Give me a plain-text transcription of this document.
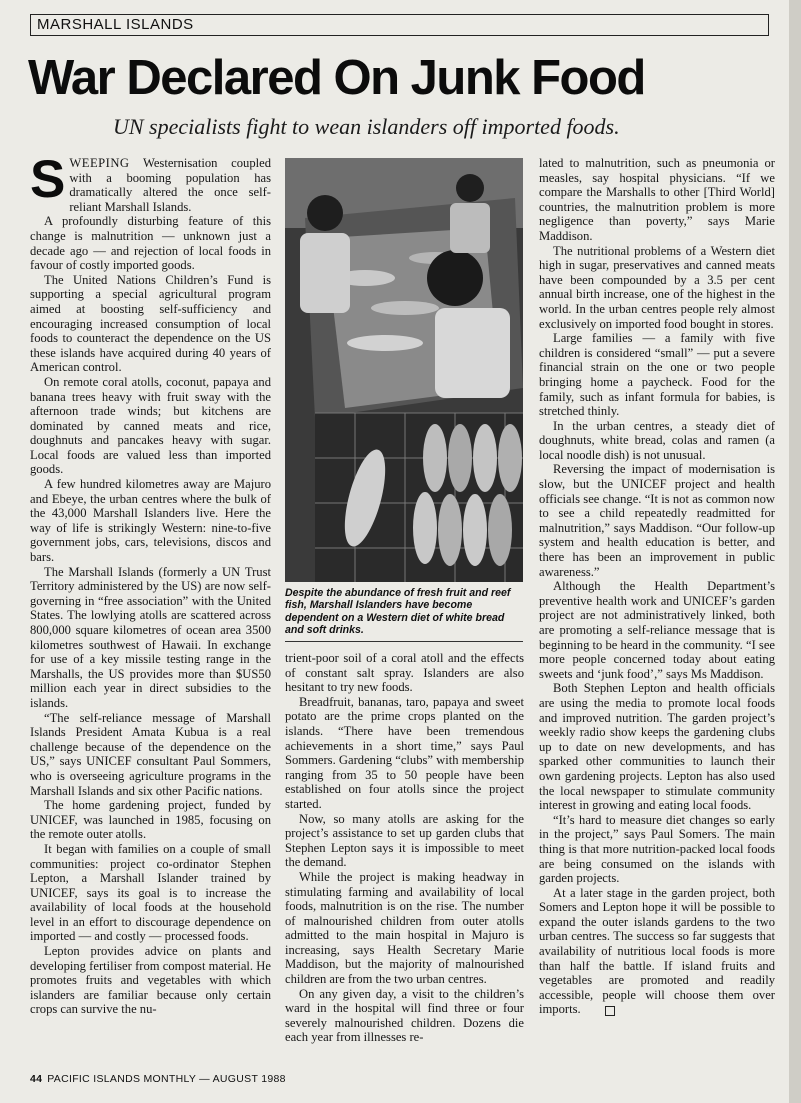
MARSHALL ISLANDS
War Declared On Junk Food
UN specialists fight to wean islanders off imported foods.

SWEEPING Westernisation coupled with a booming population has dramatically altered the once self-reliant Marshall Islands.

A profoundly disturbing feature of this change is malnutrition — unknown just a decade ago — and rejection of local foods in favour of costly imported goods.

The United Nations Children’s Fund is supporting a special agricultural program aimed at boosting self-sufficiency and encouraging increased consumption of local foods to counteract the dependence on the US these islands have acquired during 40 years of American control.

On remote coral atolls, coconut, papaya and banana trees heavy with fruit sway with the afternoon trade winds; but kitchens are dominated by canned meats and rice, doughnuts and pancakes heavy with sugar. Local foods are valued less than imported goods.

A few hundred kilometres away are Majuro and Ebeye, the urban centres where the bulk of the 43,000 Marshall Islanders live. Here the way of life is strikingly Western: nine-to-five government jobs, cars, televisions, discos and bars.

The Marshall Islands (formerly a UN Trust Territory administered by the US) are now self-governing in “free association” with the United States. The lowlying atolls are scattered across 800,000 square kilometres of ocean area 3500 kilometres southwest of Hawaii. In exchange for use of a key missile testing range in the Marshalls, the US provides more than $US50 million each year in direct subsidies to the islands.

“The self-reliance message of Marshall Islands President Amata Kubua is a real challenge because of the dependence on the US,” says UNICEF consultant Paul Sommers, who is overseeing agriculture programs in the Marshall Islands and six other Pacific nations.

The home gardening project, funded by UNICEF, was launched in 1985, focusing on the remote outer atolls.

It began with families on a couple of small communities: project co-ordinator Stephen Lepton, a Marshall Islander trained by UNICEF, says its goal is to increase the availability of local foods at the household level in an effort to discourage dependence on imported — and costly — processed foods.

Lepton provides advice on plants and developing fertiliser from compost material. He promotes fruits and vegetables with which islanders are familiar because only certain crops can survive the nu-

Despite the abundance of fresh fruit and reef fish, Marshall Islanders have become dependent on a Western diet of white bread and soft drinks.

trient-poor soil of a coral atoll and the effects of constant salt spray. Islanders are also hesitant to try new foods.

Breadfruit, bananas, taro, papaya and sweet potato are the prime crops planted on the islands. “There have been tremendous achievements in a short time,” says Paul Sommers. Gardening “clubs” with membership ranging from 35 to 50 people have been established on four atolls since the project started.

Now, so many atolls are asking for the project’s assistance to set up garden clubs that Stephen Lepton says it is impossible to meet the demand.

While the project is making headway in stimulating farming and availability of local foods, malnutrition is on the rise. The number of malnourished children from outer atolls admitted to the main hospital in Majuro is increasing, says Health Secretary Marie Maddison, but the majority of malnourished children are from the two urban centres.

On any given day, a visit to the children’s ward in the hospital will find three or four severely malnourished children. Dozens die each year from illnesses re-

lated to malnutrition, such as pneumonia or measles, say hospital physicians. “If we compare the Marshalls to other [Third World] countries, the malnutrition problem is more negligence than poverty,” says Marie Maddison.

The nutritional problems of a Western diet high in sugar, preservatives and canned meats have been compounded by a 3.5 per cent annual birth increase, one of the highest in the world. In the urban centres people rely almost exclusively on imported food bought in stores.

Large families — a family with five children is considered “small” — put a severe financial strain on the one or two people bringing home a paycheck. Food for the family, such as infant formula for babies, is stretched thinly.

In the urban centres, a steady diet of doughnuts, white bread, colas and ramen (a local noodle dish) is not unusual.

Reversing the impact of modernisation is slow, but the UNICEF project and health officials see change. “It is not as common now to see a child repeatedly readmitted for malnutrition,” says Maddison. “Our follow-up system and health education is better, and there has been an improvement in public awareness.”

Although the Health Department’s preventive health work and UNICEF’s garden project are not administratively linked, both are promoting a self-reliance message that is beginning to be heard in the community. “I see more people concerned today about eating sweets and ‘junk food’,” says Ms Maddison.

Both Stephen Lepton and health officials are using the media to promote local foods and improved nutrition. The garden project’s weekly radio show keeps the gardening clubs up to date on new developments, and has sparked other communities to launch their own gardening projects. Lepton has also used the local newspaper to stimulate community interest in growing and eating local foods.

“It’s hard to measure diet changes so early in the project,” says Paul Somers. The main thing is that more nutrition-packed local foods are being consumed on the islands with garden projects.

At a later stage in the garden project, both Somers and Lepton hope it will be possible to expand the outer islands gardens to the two urban centres. The success so far suggests that availability of nutritious local foods is more than half the battle. If island fruits and vegetables are promoted and readily accessible, people will choose them over imports.

44 PACIFIC ISLANDS MONTHLY — AUGUST 1988
